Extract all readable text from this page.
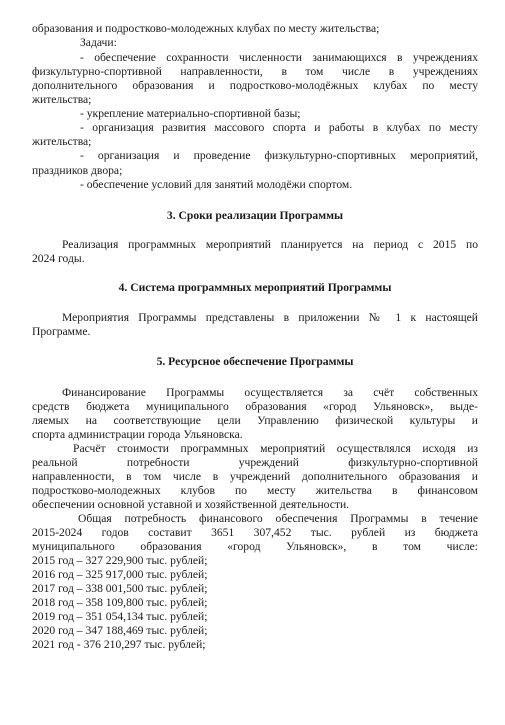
образования и подростково-молодежных клубах по месту жительства;
Задачи:
- обеспечение сохранности численности занимающихся в учреждениях
физкультурно-спортивной направленности, в том числе в учреждениях
дополнительного образования и подростково-молодёжных клубах по месту
жительства;
- укрепление материально-спортивной базы;
- организация развития массового спорта и работы в клубах по месту
жительства;
- организация и проведение физкультурно-спортивных мероприятий,
праздников двора;
- обеспечение условий для занятий молодёжи спортом.
3. Сроки реализации Программы
Реализация программных мероприятий планируется на период с 2015 по
2024 годы.
4. Система программных мероприятий Программы
Мероприятия Программы представлены в приложении № 1 к настоящей
Программе.
5. Ресурсное обеспечение Программы
Финансирование Программы осуществляется за счёт собственных
средств бюджета муниципального образования «город Ульяновск», выде-
ляемых на соответствующие цели Управлению физической культуры и
спорта администрации города Ульяновска.
Расчёт стоимости программных мероприятий осуществлялся исходя из
реальной потребности учреждений физкультурно-спортивной
направленности, в том числе в учреждений дополнительного образования и
подростково-молодежных клубов по месту жительства в финансовом
обеспечении основной уставной и хозяйственной деятельности.
Общая потребность финансового обеспечения Программы в течение
2015-2024 годов составит 3651 307,452 тыс. рублей из бюджета
муниципального образования «город Ульяновск», в том числе:
2015 год – 327 229,900 тыс. рублей;
2016 год – 325 917,000 тыс. рублей;
2017 год – 338 001,500 тыс. рублей;
2018 год – 358 109,800 тыс. рублей;
2019 год – 351 054,134 тыс. рублей;
2020 год – 347 188,469 тыс. рублей;
2021 год - 376 210,297 тыс. рублей;
